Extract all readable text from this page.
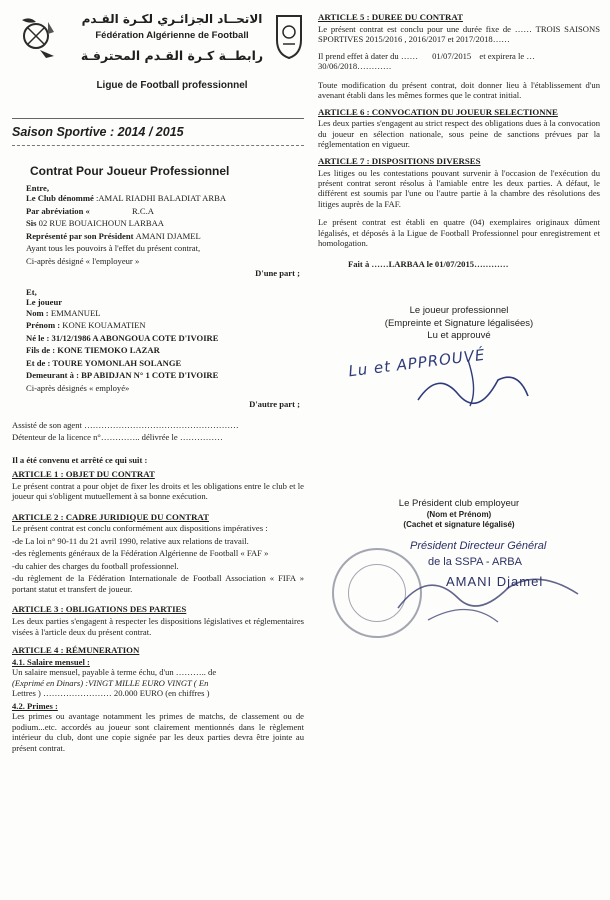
الاتحــاد الجزائـري لكـرة القـدم
Fédération Algérienne de Football
رابطــة كـرة القـدم المحترفـة
Ligue de Football professionnel
Saison Sportive : 2014 / 2015
Contrat Pour Joueur Professionnel
Entre,
Le Club dénommé :AMAL RIADHI BALADIAT ARBA
Par abréviation «	R.C.A
Sis 02 RUE BOUAICHOUN LARBAA
Représenté par son Président AMANI DJAMEL
Ayant tous les pouvoirs à l'effet du présent contrat,
Ci-après désigné « l'employeur »
D'une part ;
Et,
Le joueur
Nom : EMMANUEL
Prénom : KONE KOUAMATIEN
Né le : 31/12/1986 A ABONGOUA COTE D'IVOIRE
Fils de : KONE TIEMOKO LAZAR
Et de : TOURE YOMONLAH SOLANGE
Demeurant à : BP ABIDJAN N° 1 COTE D'IVOIRE
Ci-après désignés « employé»
D'autre part ;
Assisté de son agent ………………………………………………
Détenteur de la licence n°………….. délivrée le ……………
Il a été convenu et arrêté ce qui suit :
ARTICLE 1 : OBJET DU CONTRAT
Le présent contrat a pour objet de fixer les droits et les obligations entre le club et le joueur qui s'obligent mutuellement à sa bonne exécution.
ARTICLE 2 : CADRE JURIDIQUE DU CONTRAT
Le présent contrat est conclu conformément aux dispositions impératives :
-de La loi n° 90-11 du 21 avril 1990, relative aux relations de travail.
-des règlements généraux de la Fédération Algérienne de Football « FAF »
-du cahier des charges du football professionnel.
-du règlement de la Fédération Internationale de Football Association « FIFA » portant statut et transfert de joueur.
ARTICLE 3 : OBLIGATIONS DES PARTIES
Les deux parties s'engagent à respecter les dispositions législatives et réglementaires visées à l'article deux du présent contrat.
ARTICLE 4 : RÉMUNERATION
4.1. Salaire mensuel :
Un salaire mensuel, payable à terme échu, d'un ……….. de
(Exprimé en Dinars) :VINGT MILLE EURO VINGT ( En
Lettres ) …………………… 20.000 EURO (en chiffres )
4.2. Primes :
Les primes ou avantage notamment les primes de matchs, de classement ou de podium...etc. accordés au joueur sont clairement mentionnés dans le règlement intérieur du club, dont une copie signée par les deux parties devra être jointe au présent contrat.
ARTICLE 5 : DUREE DU CONTRAT
Le présent contrat est conclu pour une durée fixe de …… TROIS SAISONS SPORTIVES 2015/2016 , 2016/2017 et 2017/2018……
Il prend effet à dater du …… 01/07/2015 et expirera le …30/06/2018…………
Toute modification du présent contrat, doit donner lieu à l'établissement d'un avenant établi dans les mêmes formes que le contrat initial.
ARTICLE 6 : CONVOCATION DU JOUEUR SELECTIONNE
Les deux parties s'engagent au strict respect des obligations dues à la convocation du joueur en sélection nationale, sous peine de sanctions prévues par la réglementation en vigueur.
ARTICLE 7 : DISPOSITIONS DIVERSES
Les litiges ou les contestations pouvant survenir à l'occasion de l'exécution du présent contrat seront résolus à l'amiable entre les deux parties. A défaut, le différent est soumis par l'une ou l'autre partie à la chambre des résolutions des litiges auprès de la FAF.
Le présent contrat est établi en quatre (04) exemplaires originaux dûment légalisés, et déposés à la Ligue de Football Professionnel pour enregistrement et homologation.
Fait à ……LARBAA le 01/07/2015…………
Le joueur professionnel
(Empreinte et Signature légalisées)
Lu et approuvé
Lu et APPROUVÉ
Le Président club employeur
(Nom et Prénom)
(Cachet et signature légalisé)
Président Directeur Général
de la SSPA - ARBA
AMANI Djamel
